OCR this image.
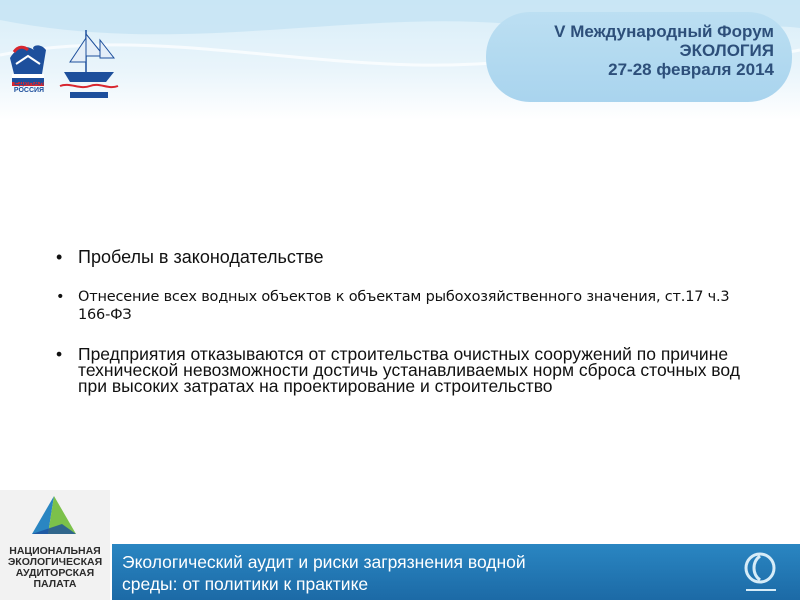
ЕДИНАЯ РОССИЯ
V Международный Форум
ЭКОЛОГИЯ
27-28 февраля 2014
• Пробелы в законодательстве
• Отнесение всех водных объектов к объектам рыбохозяйственного значения, ст.17 ч.3 166-ФЗ
• Предприятия отказываются от строительства очистных сооружений по причине технической невозможности достичь устанавливаемых норм сброса сточных вод при высоких затратах на проектирование и строительство
НАЦИОНАЛЬНАЯ ЭКОЛОГИЧЕСКАЯ АУДИТОРСКАЯ ПАЛАТА
Экологический аудит и риски загрязнения водной
среды: от политики к практике
